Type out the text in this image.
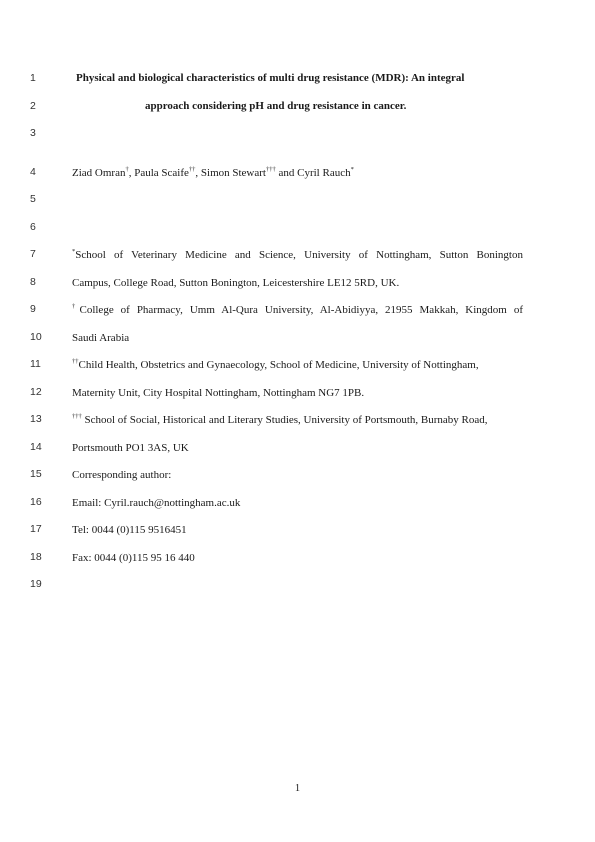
1
2
3
4
5
6
7
8
9
10
11
12
13
14
15
16
17
18
19
Physical and biological characteristics of multi drug resistance (MDR): An integral
approach considering pH and drug resistance in cancer.
Ziad Omran†, Paula Scaife††, Simon Stewart††† and Cyril Rauch*
*School of Veterinary Medicine and Science, University of Nottingham, Sutton Bonington
Campus, College Road, Sutton Bonington, Leicestershire LE12 5RD, UK.
†College of Pharmacy, Umm Al-Qura University, Al-Abidiyya, 21955 Makkah, Kingdom of
Saudi Arabia
††Child Health, Obstetrics and Gynaecology, School of Medicine, University of Nottingham,
Maternity Unit, City Hospital Nottingham, Nottingham NG7 1PB.
††† School of Social, Historical and Literary Studies, University of Portsmouth, Burnaby Road,
Portsmouth PO1 3AS, UK
Corresponding author:
Email: Cyril.rauch@nottingham.ac.uk
Tel: 0044 (0)115 9516451
Fax: 0044 (0)115 95 16 440
1
